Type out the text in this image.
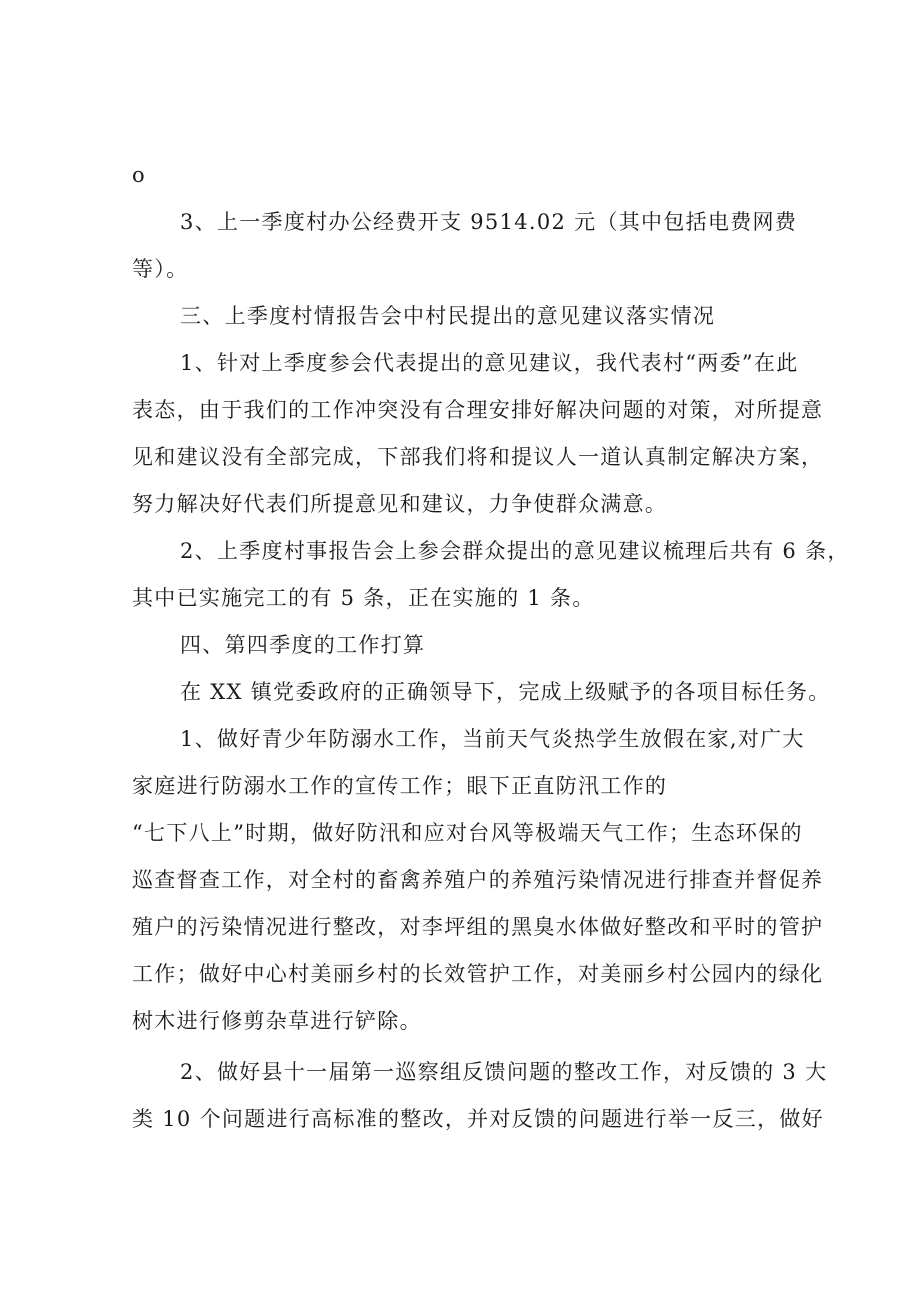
o
3、上一季度村办公经费开支 9514.02 元（其中包括电费网费
等）。
三、上季度村情报告会中村民提出的意见建议落实情况
1、针对上季度参会代表提出的意见建议，我代表村“两委”在此
表态，由于我们的工作冲突没有合理安排好解决问题的对策，对所提意
见和建议没有全部完成，下部我们将和提议人一道认真制定解决方案，
努力解决好代表们所提意见和建议，力争使群众满意。
2、上季度村事报告会上参会群众提出的意见建议梳理后共有 6 条，
其中已实施完工的有 5 条，正在实施的 1 条。
四、第四季度的工作打算
在 XX 镇党委政府的正确领导下，完成上级赋予的各项目标任务。
1、做好青少年防溺水工作，当前天气炎热学生放假在家,对广大
家庭进行防溺水工作的宣传工作；眼下正直防汛工作的
“七下八上”时期，做好防汛和应对台风等极端天气工作；生态环保的
巡查督查工作，对全村的畜禽养殖户的养殖污染情况进行排查并督促养
殖户的污染情况进行整改，对李坪组的黑臭水体做好整改和平时的管护
工作；做好中心村美丽乡村的长效管护工作，对美丽乡村公园内的绿化
树木进行修剪杂草进行铲除。
2、做好县十一届第一巡察组反馈问题的整改工作，对反馈的 3 大
类 10 个问题进行高标准的整改，并对反馈的问题进行举一反三，做好
